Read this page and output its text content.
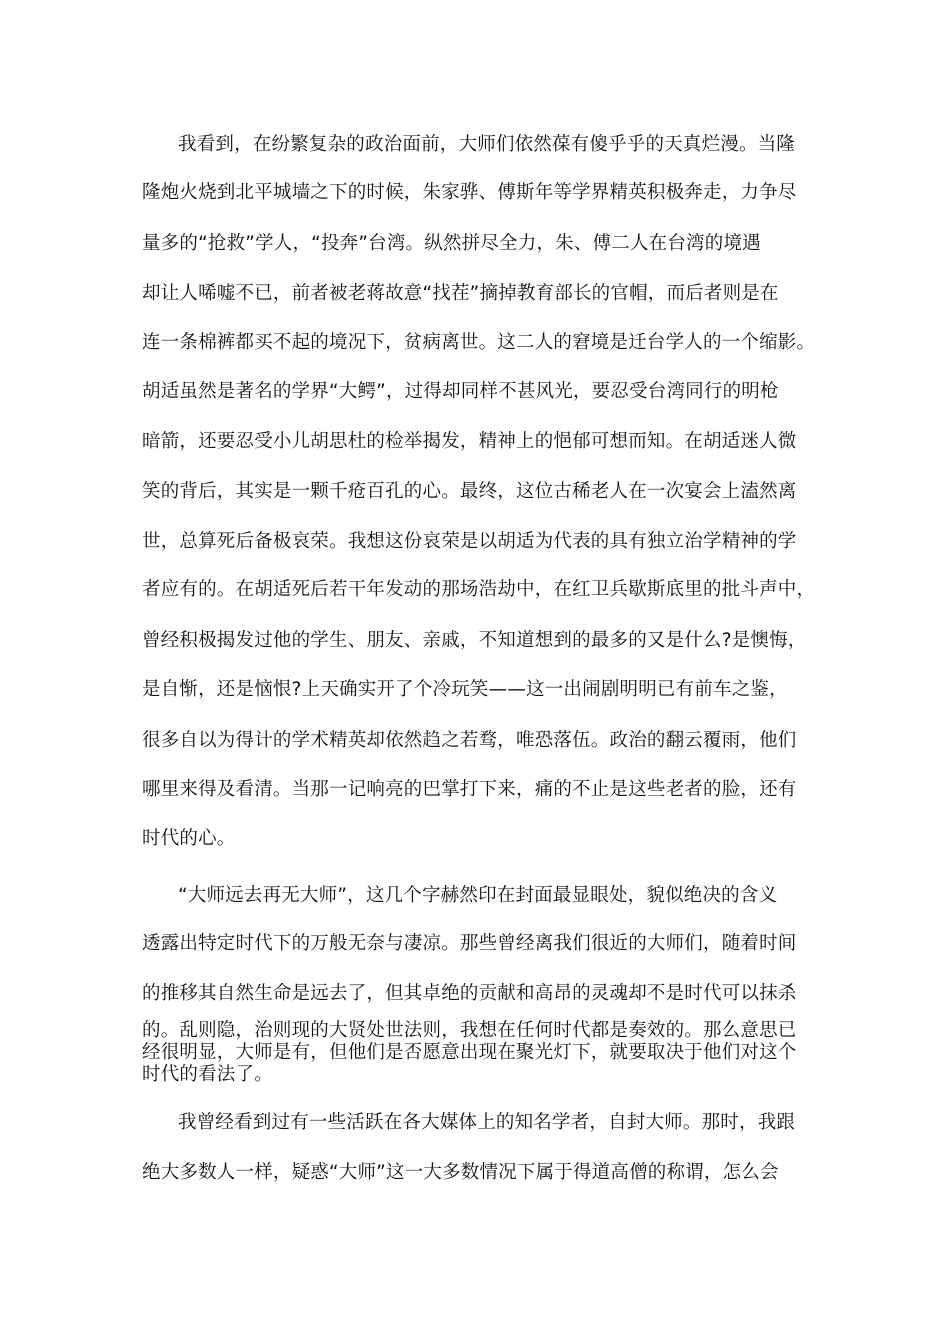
我看到，在纷繁复杂的政治面前，大师们依然葆有傻乎乎的天真烂漫。当隆
隆炮火烧到北平城墙之下的时候，朱家骅、傅斯年等学界精英积极奔走，力争尽
量多的“抢救”学人，“投奔”台湾。纵然拼尽全力，朱、傅二人在台湾的境遇
却让人唏嘘不已，前者被老蒋故意“找茬”摘掉教育部长的官帽，而后者则是在
连一条棉裤都买不起的境况下，贫病离世。这二人的窘境是迁台学人的一个缩影。
胡适虽然是著名的学界“大鳄”，过得却同样不甚风光，要忍受台湾同行的明枪
暗箭，还要忍受小儿胡思杜的检举揭发，精神上的悒郁可想而知。在胡适迷人微
笑的背后，其实是一颗千疮百孔的心。最终，这位古稀老人在一次宴会上溘然离
世，总算死后备极哀荣。我想这份哀荣是以胡适为代表的具有独立治学精神的学
者应有的。在胡适死后若干年发动的那场浩劫中，在红卫兵歇斯底里的批斗声中，
曾经积极揭发过他的学生、朋友、亲戚，不知道想到的最多的又是什么?是懊悔，
是自惭，还是恼恨?上天确实开了个冷玩笑——这一出闹剧明明已有前车之鉴，
很多自以为得计的学术精英却依然趋之若骛，唯恐落伍。政治的翻云覆雨，他们
哪里来得及看清。当那一记响亮的巴掌打下来，痛的不止是这些老者的脸，还有
时代的心。
“大师远去再无大师”，这几个字赫然印在封面最显眼处，貌似绝决的含义
透露出特定时代下的万般无奈与凄凉。那些曾经离我们很近的大师们，随着时间
的推移其自然生命是远去了，但其卓绝的贡献和高昂的灵魂却不是时代可以抹杀
的。乱则隐，治则现的大贤处世法则，我想在任何时代都是奏效的。那么意思已
经很明显，大师是有，但他们是否愿意出现在聚光灯下，就要取决于他们对这个
时代的看法了。
我曾经看到过有一些活跃在各大媒体上的知名学者，自封大师。那时，我跟
绝大多数人一样，疑惑“大师”这一大多数情况下属于得道高僧的称谓，怎么会
